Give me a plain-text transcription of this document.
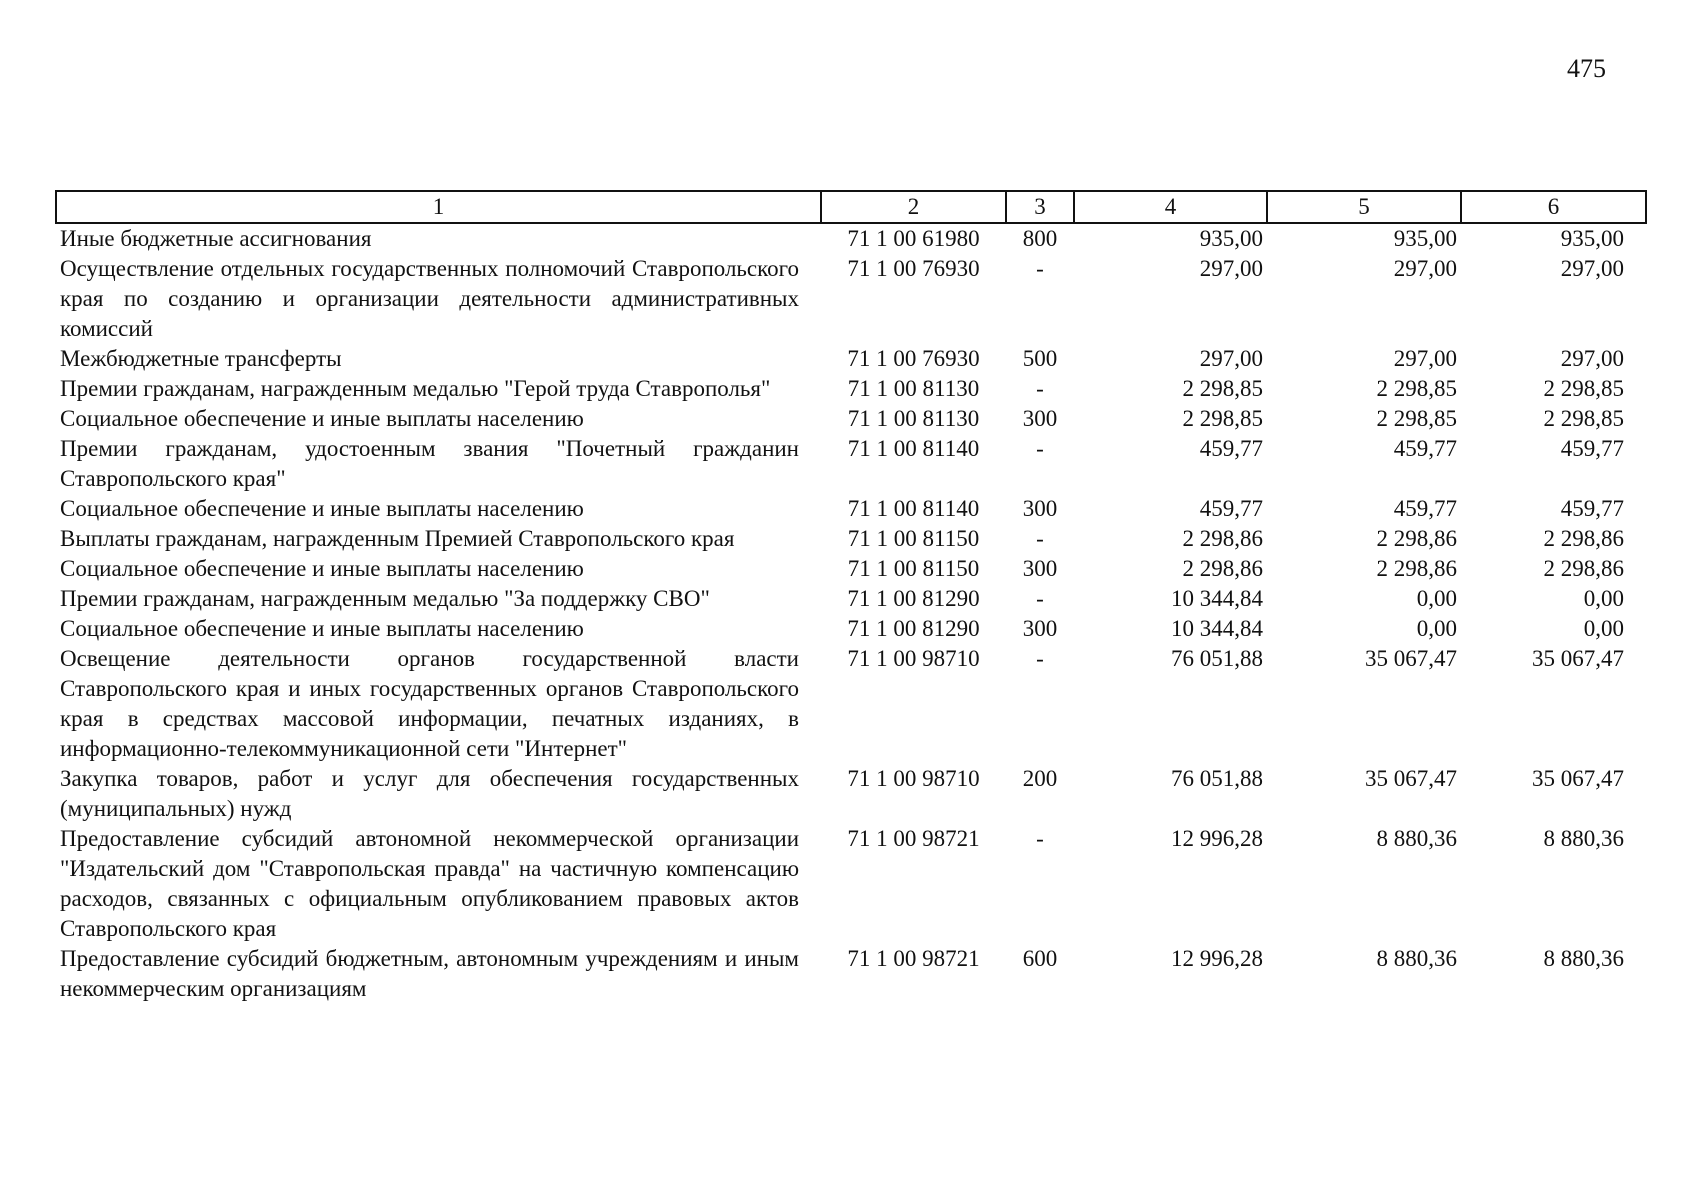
475
1	2	3	4	5	6
Иные бюджетные ассигнования	71 1 00 61980	800	935,00	935,00	935,00
Осуществление отдельных государственных полномочий Ставропольского края по созданию и организации деятельности административных комиссий	71 1 00 76930	-	297,00	297,00	297,00
Межбюджетные трансферты	71 1 00 76930	500	297,00	297,00	297,00
Премии гражданам, награжденным медалью "Герой труда Ставрополья"	71 1 00 81130	-	2 298,85	2 298,85	2 298,85
Социальное обеспечение и иные выплаты населению	71 1 00 81130	300	2 298,85	2 298,85	2 298,85
Премии гражданам, удостоенным звания "Почетный гражданин Ставропольского края"	71 1 00 81140	-	459,77	459,77	459,77
Социальное обеспечение и иные выплаты населению	71 1 00 81140	300	459,77	459,77	459,77
Выплаты гражданам, награжденным Премией Ставропольского края	71 1 00 81150	-	2 298,86	2 298,86	2 298,86
Социальное обеспечение и иные выплаты населению	71 1 00 81150	300	2 298,86	2 298,86	2 298,86
Премии гражданам, награжденным медалью "За поддержку СВО"	71 1 00 81290	-	10 344,84	0,00	0,00
Социальное обеспечение и иные выплаты населению	71 1 00 81290	300	10 344,84	0,00	0,00
Освещение деятельности органов государственной власти Ставропольского края и иных государственных органов Ставропольского края в средствах массовой информации, печатных изданиях, в информационно-телекоммуникационной сети "Интернет"	71 1 00 98710	-	76 051,88	35 067,47	35 067,47
Закупка товаров, работ и услуг для обеспечения государственных (муниципальных) нужд	71 1 00 98710	200	76 051,88	35 067,47	35 067,47
Предоставление субсидий автономной некоммерческой организации "Издательский дом "Ставропольская правда" на частичную компенсацию расходов, связанных с официальным опубликованием правовых актов Ставропольского края	71 1 00 98721	-	12 996,28	8 880,36	8 880,36
Предоставление субсидий бюджетным, автономным учреждениям и иным некоммерческим организациям	71 1 00 98721	600	12 996,28	8 880,36	8 880,36
